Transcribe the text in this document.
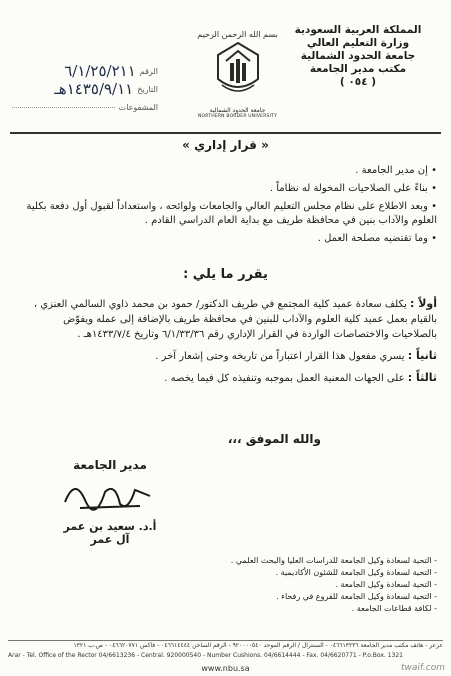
المملكة العربية السعودية
وزارة التعليم العالي
جامعة الحدود الشمالية
مكتب مدير الجامعة
( ٠٥٤ )
بسم الله الرحمن الرحيم
جامعة الحدود الشمالية
NORTHERN BORDER UNIVERSITY
٦/١/٢٥/٢١١ الرقم
١٤٣٥/٩/١١هـ التاريخ
المشفوعات
« قرار إداري »

• إن مدير الجامعة .

• بناءً على الصلاحيات المخولة له نظاماً .

• وبعد الاطلاع على نظام مجلس التعليم العالي والجامعات ولوائحه ، واستعداداً لقبول أول دفعة بكلية العلوم والآداب بنين في محافظة طريف مع بداية العام الدراسي القادم .

• وما تقتضيه مصلحة العمل .

يقرر ما يلي :

أولاً : يكلف سعادة عميد كلية المجتمع في طريف الدكتور/ حمود بن محمد ذاوي السالمي العنزي ، بالقيام بعمل عميد كلية العلوم والآداب للبنين في محافظة طريف بالإضافة إلى عمله ويفوّض بالصلاحيات والاختصاصات الواردة في القرار الإداري رقم ٦/١/٣٣/٣٦ وتاريخ ١٤٣٣/٧/٤هـ .

ثانياً : يسري مفعول هذا القرار اعتباراً من تاريخه وحتى إشعار آخر .

ثالثاً : على الجهات المعنية العمل بموجبه وتنفيذه كل فيما يخصه .

والله الموفق ،،،
مدير الجامعة
أ.د. سعيد بن عمر آل عمر

- التحية لسعادة وكيل الجامعة للدراسات العليا والبحث العلمي .

- التحية لسعادة وكيل الجامعة للشئون الأكاديمية .

- التحية لسعادة وكيل الجامعة .

- التحية لسعادة وكيل الجامعة للفروع في رفحاء .

- لكافة قطاعات الجامعة .

عرعر - هاتف مكتب مدير الجامعة ٠٤٦٦١٣٢٣٦ - السنترال / الرقم الموحد ٩٢٠٠٠٠٥٤٠ - الرقم الساخن ٠٤٦٦١٤٤٤٤ - فاكس ٠٤٦٦٢٠٧٧١ - ص.ب ١٣٢١
Arar - Tel. Office of the Rector 04/6613236 - Central. 920000540 - Number Cushions. 04/6614444 - Fax. 04/6620771 - P.o.Box. 1321
www.nbu.sa	twaif.com
